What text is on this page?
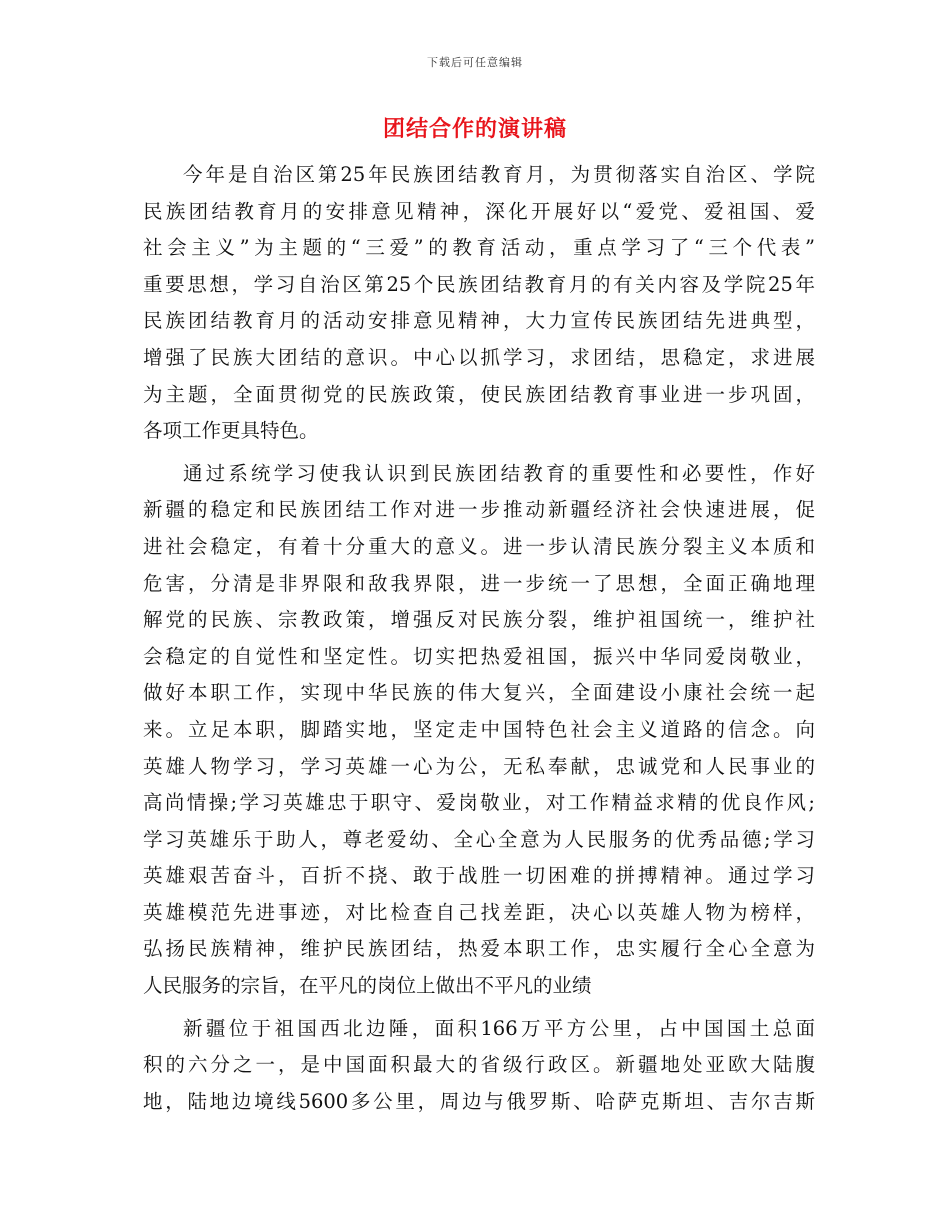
下载后可任意编辑
团结合作的演讲稿
今年是自治区第25年民族团结教育月，为贯彻落实自治区、学院
民族团结教育月的安排意见精神，深化开展好以“爱党、爱祖国、爱
社会主义”为主题的“三爱”的教育活动，重点学习了“三个代表”
重要思想，学习自治区第25个民族团结教育月的有关内容及学院25年
民族团结教育月的活动安排意见精神，大力宣传民族团结先进典型，
增强了民族大团结的意识。中心以抓学习，求团结，思稳定，求进展
为主题，全面贯彻党的民族政策，使民族团结教育事业进一步巩固，
各项工作更具特色。
通过系统学习使我认识到民族团结教育的重要性和必要性，作好
新疆的稳定和民族团结工作对进一步推动新疆经济社会快速进展，促
进社会稳定，有着十分重大的意义。进一步认清民族分裂主义本质和
危害，分清是非界限和敌我界限，进一步统一了思想，全面正确地理
解党的民族、宗教政策，增强反对民族分裂，维护祖国统一，维护社
会稳定的自觉性和坚定性。切实把热爱祖国，振兴中华同爱岗敬业，
做好本职工作，实现中华民族的伟大复兴，全面建设小康社会统一起
来。立足本职，脚踏实地，坚定走中国特色社会主义道路的信念。向
英雄人物学习，学习英雄一心为公，无私奉献，忠诚党和人民事业的
高尚情操;学习英雄忠于职守、爱岗敬业，对工作精益求精的优良作风;
学习英雄乐于助人，尊老爱幼、全心全意为人民服务的优秀品德;学习
英雄艰苦奋斗，百折不挠、敢于战胜一切困难的拼搏精神。通过学习
英雄模范先进事迹，对比检查自己找差距，决心以英雄人物为榜样，
弘扬民族精神，维护民族团结，热爱本职工作，忠实履行全心全意为
人民服务的宗旨，在平凡的岗位上做出不平凡的业绩
新疆位于祖国西北边陲，面积166万平方公里，占中国国土总面
积的六分之一，是中国面积最大的省级行政区。新疆地处亚欧大陆腹
地，陆地边境线5600多公里，周边与俄罗斯、哈萨克斯坦、吉尔吉斯
